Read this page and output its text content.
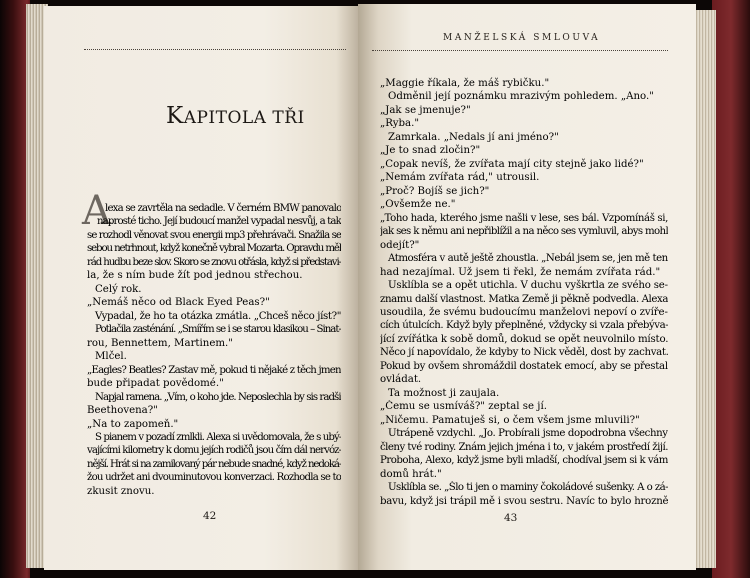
MANŽELSKÁ SMLOUVA
KAPITOLA TŘI
A
lexa se zavrtěla na sedadle. V černém BMW panovalo
naprosté ticho. Její budoucí manžel vypadal nesvůj, a tak
se rozhodl věnovat svou energii mp3 přehrávači. Snažila se
sebou netrhnout, když konečně vybral Mozarta. Opravdu měl
rád hudbu beze slov. Skoro se znovu otřásla, když si představi-
la, že s ním bude žít pod jednou střechou.
Celý rok.
„Nemáš něco od Black Eyed Peas?"
Vypadal, že ho ta otázka zmátla. „Chceš něco jíst?"
Potlačila zasténání. „Smířím se i se starou klasikou – Sinat-
rou, Bennettem, Martinem."
Mlčel.
„Eagles? Beatles? Zastav mě, pokud ti nějaké z těch jmen
bude připadat povědomé."
Napjal ramena. „Vím, o koho jde. Neposlechla by sis radši
Beethovena?"
„Na to zapomeň."
S pianem v pozadí zmlkli. Alexa si uvědomovala, že s ubý-
vajícími kilometry k domu jejích rodičů jsou čím dál nervóz-
nější. Hrát si na zamilovaný pár nebude snadné, když nedoká-
žou udržet ani dvouminutovou konverzaci. Rozhodla se to
zkusit znovu.
„Maggie říkala, že máš rybičku."
Odměnil její poznámku mrazivým pohledem. „Ano."
„Jak se jmenuje?"
„Ryba."
Zamrkala. „Nedals jí ani jméno?"
„Je to snad zločin?"
„Copak nevíš, že zvířata mají city stejně jako lidé?"
„Nemám zvířata rád," utrousil.
„Proč? Bojíš se jich?"
„Ovšemže ne."
„Toho hada, kterého jsme našli v lese, ses bál. Vzpomínáš si,
jak ses k němu ani nepřiblížil a na něco ses vymluvil, abys mohl
odejít?"
Atmosféra v autě ještě zhoustla. „Nebál jsem se, jen mě ten
had nezajímal. Už jsem ti řekl, že nemám zvířata rád."
Usklíbla se a opět utichla. V duchu vyškrtla ze svého se-
znamu další vlastnost. Matka Země ji pěkně podvedla. Alexa
usoudila, že svému budoucímu manželovi nepoví o zvíře-
cích útulcích. Když byly přeplněné, vždycky si vzala přebýva-
jící zvířátka k sobě domů, dokud se opět neuvolnilo místo.
Něco jí napovídalo, že kdyby to Nick věděl, dost by zachvat.
Pokud by ovšem shromáždil dostatek emocí, aby se přestal
ovládat.
Ta možnost ji zaujala.
„Čemu se usmíváš?" zeptal se jí.
„Ničemu. Pamatuješ si, o čem všem jsme mluvili?"
Utrápeně vzdychl. „Jo. Probírali jsme dopodrobna všechny
členy tvé rodiny. Znám jejich jména i to, v jakém prostředí žijí.
Proboha, Alexo, když jsme byli mladší, chodíval jsem si k vám
domů hrát."
Usklíbla se. „Šlo ti jen o maminy čokoládové sušenky. A o zá-
bavu, když jsi trápil mě i svou sestru. Navíc to bylo hrozně
42	43
